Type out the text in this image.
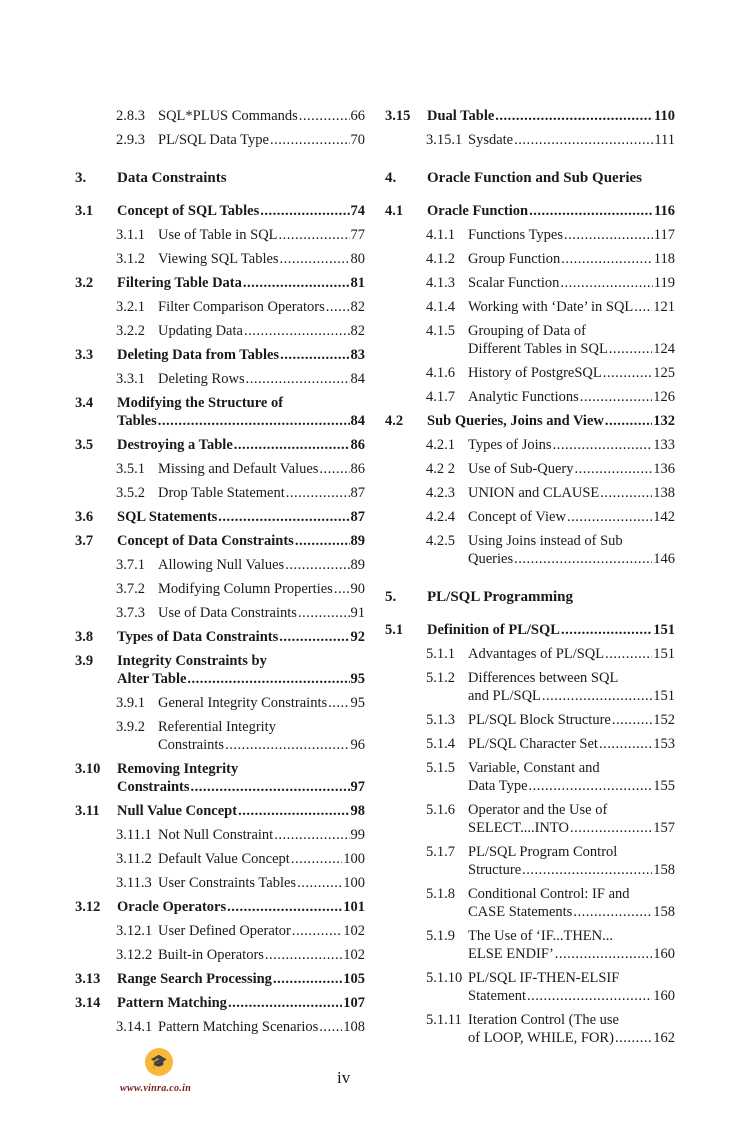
2.8.3 SQL*PLUS Commands .....	66
2.9.3 PL/SQL Data Type .....	70
3. Data Constraints
3.1 Concept of SQL Tables .....	74
3.1.1 Use of Table in SQL .....	77
3.1.2 Viewing SQL Tables .....	80
3.2 Filtering Table Data .....	81
3.2.1 Filter Comparison Operators ..... 82
3.2.2 Updating Data .....	82
3.3 Deleting Data from Tables .....	83
3.3.1 Deleting Rows .....	84
3.4 Modifying the Structure of
Tables .....	84
3.5 Destroying a Table .....	86
3.5.1 Missing and Default Values ..... 86
3.5.2 Drop Table Statement .....	87
3.6 SQL Statements .....	87
3.7 Concept of Data Constraints .....	89
3.7.1 Allowing Null Values .....	89
3.7.2 Modifying Column Properties ..... 90
3.7.3 Use of Data Constraints .....	91
3.8 Types of Data Constraints .....	92
3.9 Integrity Constraints by
Alter Table .....	95
3.9.1 General Integrity Constraints ..... 95
3.9.2 Referential Integrity
Constraints .....	96
3.10 Removing Integrity
Constraints .....	97
3.11 Null Value Concept .....	98
3.11.1 Not Null Constraint .....	99
3.11.2 Default Value Concept .....	100
3.11.3 User Constraints Tables .....	100
3.12 Oracle Operators .....	101
3.12.1 User Defined Operator .....	102
3.12.2 Built-in Operators .....	102
3.13 Range Search Processing .....	105
3.14 Pattern Matching .....	107
3.14.1 Pattern Matching Scenarios ..... 108
3.15 Dual Table .....	110
3.15.1 Sysdate .....	111
4. Oracle Function and Sub Queries
4.1 Oracle Function .....	116
4.1.1 Functions Types .....	117
4.1.2 Group Function .....	118
4.1.3 Scalar Function .....	119
4.1.4 Working with ‘Date’ in SQL ..... 121
4.1.5 Grouping of Data of
Different Tables in SQL .....	124
4.1.6 History of PostgreSQL .....	125
4.1.7 Analytic Functions .....	126
4.2 Sub Queries, Joins and View .....	132
4.2.1 Types of Joins .....	133
4.2 2 Use of Sub-Query .....	136
4.2.3 UNION and CLAUSE .....	138
4.2.4 Concept of View .....	142
4.2.5 Using Joins instead of Sub
Queries .....	146
5. PL/SQL Programming
5.1 Definition of PL/SQL .....	151
5.1.1 Advantages of PL/SQL .....	151
5.1.2 Differences between SQL
and PL/SQL .....	151
5.1.3 PL/SQL Block Structure .....	152
5.1.4 PL/SQL Character Set .....	153
5.1.5 Variable, Constant and
Data Type .....	155
5.1.6 Operator and the Use of
SELECT....INTO .....	157
5.1.7 PL/SQL Program Control
Structure .....	158
5.1.8 Conditional Control: IF and
CASE Statements .....	158
5.1.9 The Use of ‘IF...THEN...
ELSE ENDIF’ .....	160
5.1.10 PL/SQL IF-THEN-ELSIF
Statement .....	160
5.1.11 Iteration Control (The use
of LOOP, WHILE, FOR) .....	162
🎓
www.vinra.co.in
iv
